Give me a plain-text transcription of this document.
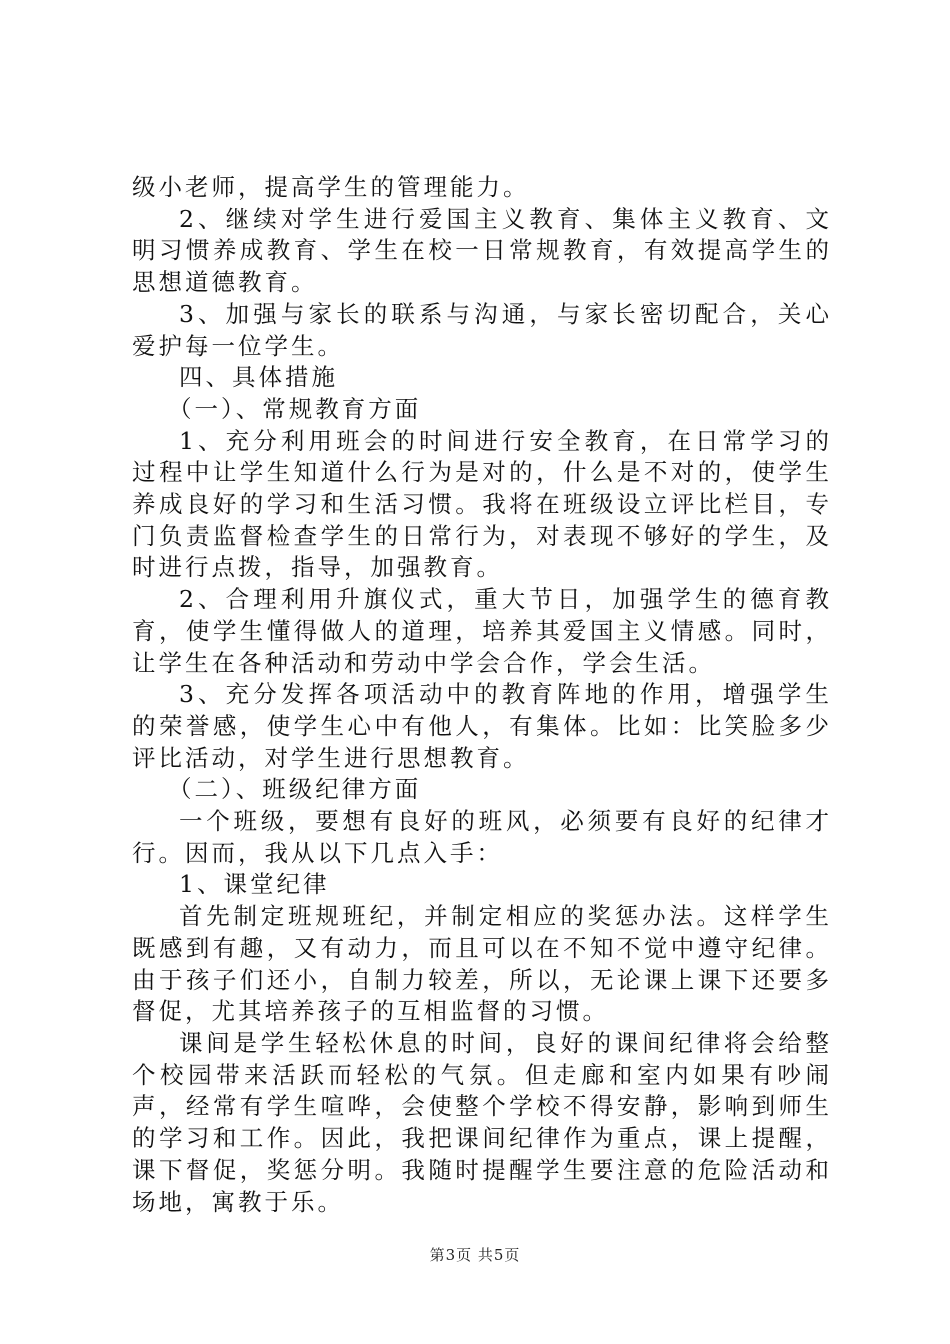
级小老师，提高学生的管理能力。

2、继续对学生进行爱国主义教育、集体主义教育、文明习惯养成教育、学生在校一日常规教育，有效提高学生的思想道德教育。

3、加强与家长的联系与沟通，与家长密切配合，关心爱护每一位学生。

四、具体措施

（一）、常规教育方面

1、充分利用班会的时间进行安全教育，在日常学习的过程中让学生知道什么行为是对的，什么是不对的，使学生养成良好的学习和生活习惯。我将在班级设立评比栏目，专门负责监督检查学生的日常行为，对表现不够好的学生，及时进行点拨，指导，加强教育。

2、合理利用升旗仪式，重大节日，加强学生的德育教育，使学生懂得做人的道理，培养其爱国主义情感。同时，让学生在各种活动和劳动中学会合作，学会生活。

3、充分发挥各项活动中的教育阵地的作用，增强学生的荣誉感，使学生心中有他人，有集体。比如：比笑脸多少评比活动，对学生进行思想教育。

（二）、班级纪律方面

一个班级，要想有良好的班风，必须要有良好的纪律才行。因而，我从以下几点入手：

1、课堂纪律

首先制定班规班纪，并制定相应的奖惩办法。这样学生既感到有趣，又有动力，而且可以在不知不觉中遵守纪律。由于孩子们还小，自制力较差，所以，无论课上课下还要多督促，尤其培养孩子的互相监督的习惯。

课间是学生轻松休息的时间，良好的课间纪律将会给整个校园带来活跃而轻松的气氛。但走廊和室内如果有吵闹声，经常有学生喧哗，会使整个学校不得安静，影响到师生的学习和工作。因此，我把课间纪律作为重点，课上提醒，课下督促，奖惩分明。我随时提醒学生要注意的危险活动和场地，寓教于乐。

第3页 共5页
